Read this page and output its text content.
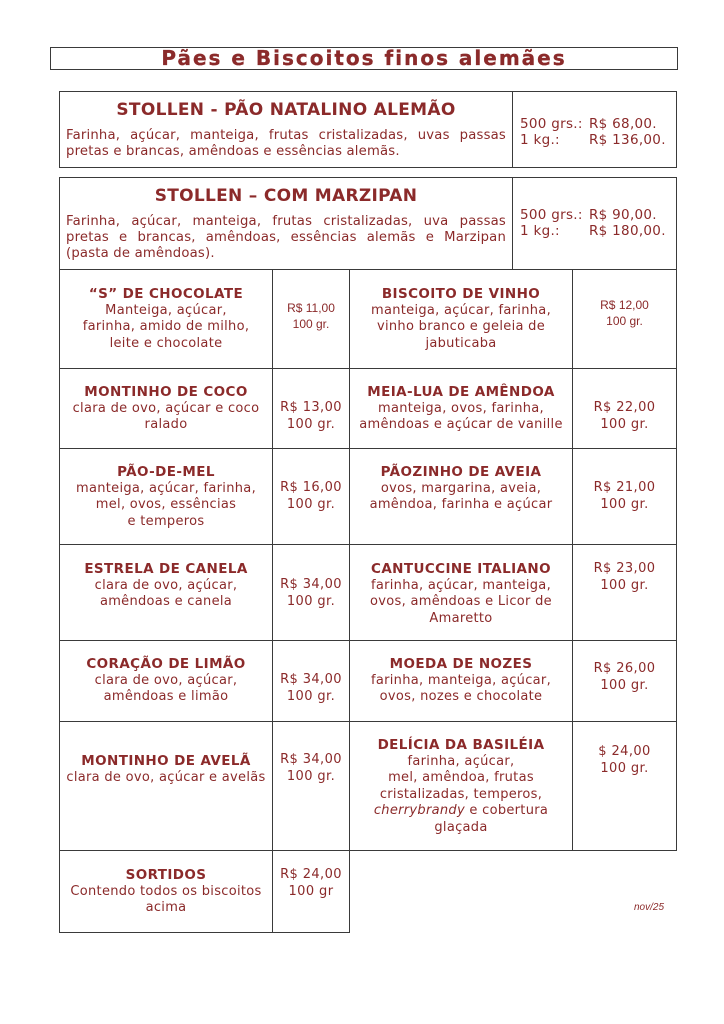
Pães e Biscoitos finos alemães
STOLLEN - PÃO NATALINO ALEMÃO
Farinha, açúcar, manteiga, frutas cristalizadas, uvas passas pretas e brancas, amêndoas e essências alemãs.
500 grs.: R$ 68,00.
1 kg.: R$ 136,00.
STOLLEN – COM MARZIPAN
Farinha, açúcar, manteiga, frutas cristalizadas, uva passas pretas e brancas, amêndoas, essências alemãs e Marzipan (pasta de amêndoas).
500 grs.: R$ 90,00.
1 kg.: R$ 180,00.
“S” DE CHOCOLATE
Manteiga, açúcar,
farinha, amido de milho,
leite e chocolate
R$ 11,00
100 gr.
BISCOITO DE VINHO
manteiga, açúcar, farinha,
vinho branco e geleia de
jabuticaba
R$ 12,00
100 gr.
MONTINHO DE COCO
clara de ovo, açúcar e coco
ralado
R$ 13,00
100 gr.
MEIA-LUA DE AMÊNDOA
manteiga, ovos, farinha,
amêndoas e açúcar de vanille
R$ 22,00
100 gr.
PÃO-DE-MEL
manteiga, açúcar, farinha,
mel, ovos, essências
e temperos
R$ 16,00
100 gr.
PÃOZINHO DE AVEIA
ovos, margarina, aveia,
amêndoa, farinha e açúcar
R$ 21,00
100 gr.
ESTRELA DE CANELA
clara de ovo, açúcar,
amêndoas e canela
R$ 34,00
100 gr.
CANTUCCINE ITALIANO
farinha, açúcar, manteiga,
ovos, amêndoas e Licor de
Amaretto
R$ 23,00
100 gr.
CORAÇÃO DE LIMÃO
clara de ovo, açúcar,
amêndoas e limão
R$ 34,00
100 gr.
MOEDA DE NOZES
farinha, manteiga, açúcar,
ovos, nozes e chocolate
R$ 26,00
100 gr.
MONTINHO DE AVELÃ
clara de ovo, açúcar e avelãs
R$ 34,00
100 gr.
DELÍCIA DA BASILÉIA
farinha, açúcar,
mel, amêndoa, frutas
cristalizadas, temperos,
cherrybrandy e cobertura
glaçada
$ 24,00
100 gr.
SORTIDOS
Contendo todos os biscoitos
acima
R$ 24,00
100 gr
nov/25
